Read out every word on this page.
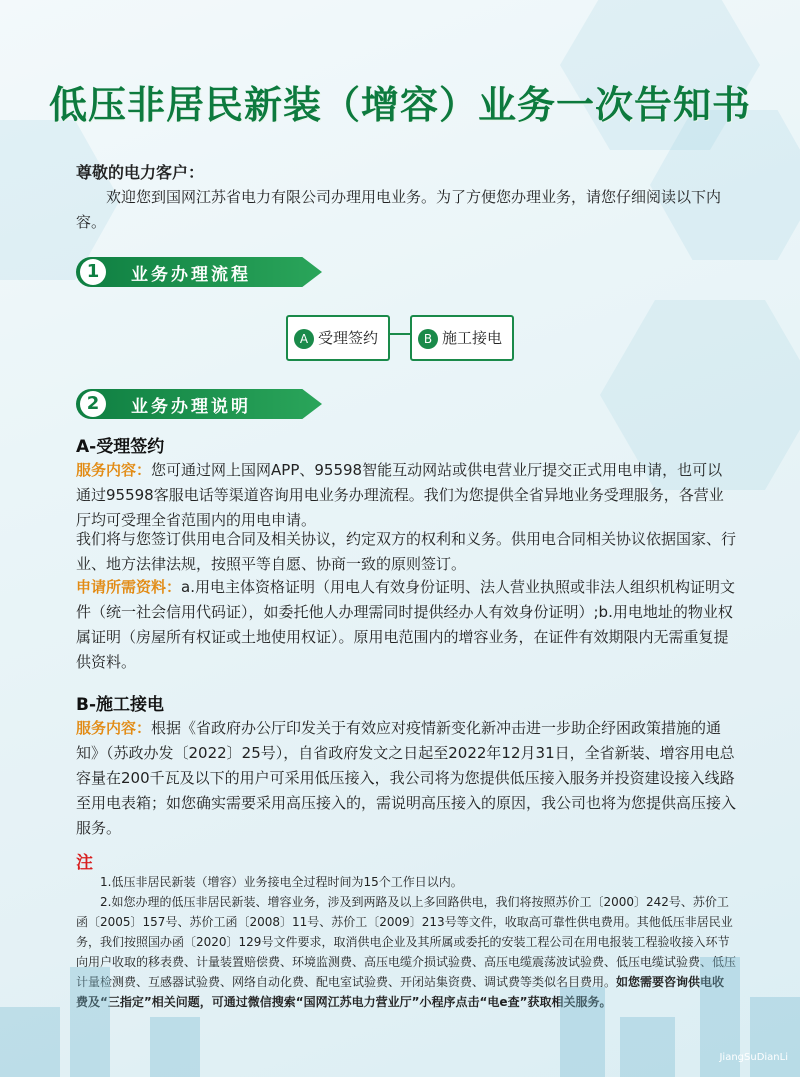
低压非居民新装（增容）业务一次告知书
尊敬的电力客户：
欢迎您到国网江苏省电力有限公司办理用电业务。为了方便您办理业务，请您仔细阅读以下内容。
1	业务办理流程
A 受理签约	B 施工接电
2	业务办理说明
A-受理签约
服务内容：您可通过网上国网APP、95598智能互动网站或供电营业厅提交正式用电申请，也可以通过95598客服电话等渠道咨询用电业务办理流程。我们为您提供全省异地业务受理服务，各营业厅均可受理全省范围内的用电申请。
我们将与您签订供用电合同及相关协议，约定双方的权利和义务。供用电合同相关协议依据国家、行业、地方法律法规，按照平等自愿、协商一致的原则签订。
申请所需资料：a.用电主体资格证明（用电人有效身份证明、法人营业执照或非法人组织机构证明文件（统一社会信用代码证），如委托他人办理需同时提供经办人有效身份证明）;b.用电地址的物业权属证明（房屋所有权证或土地使用权证）。原用电范围内的增容业务，在证件有效期限内无需重复提供资料。
B-施工接电
服务内容：根据《省政府办公厅印发关于有效应对疫情新变化新冲击进一步助企纾困政策措施的通知》（苏政办发〔2022〕25号），自省政府发文之日起至2022年12月31日，全省新装、增容用电总容量在200千瓦及以下的用户可采用低压接入，我公司将为您提供低压接入服务并投资建设接入线路至用电表箱；如您确实需要采用高压接入的，需说明高压接入的原因，我公司也将为您提供高压接入服务。
注
1.低压非居民新装（增容）业务接电全过程时间为15个工作日以内。
2.如您办理的低压非居民新装、增容业务，涉及到两路及以上多回路供电，我们将按照苏价工〔2000〕242号、苏价工函〔2005〕157号、苏价工函〔2008〕11号、苏价工〔2009〕213号等文件，收取高可靠性供电费用。其他低压非居民业务，我们按照国办函〔2020〕129号文件要求，取消供电企业及其所属或委托的安装工程公司在用电报装工程验收接入环节向用户收取的移表费、计量装置赔偿费、环境监测费、高压电缆介损试验费、高压电缆震荡波试验费、低压电缆试验费、低压计量检测费、互感器试验费、网络自动化费、配电室试验费、开闭站集资费、调试费等类似名目费用。如您需要咨询供电收费及“三指定”相关问题，可通过微信搜索“国网江苏电力营业厅”小程序点击“电e查”获取相关服务。
JiangSuDianLi
